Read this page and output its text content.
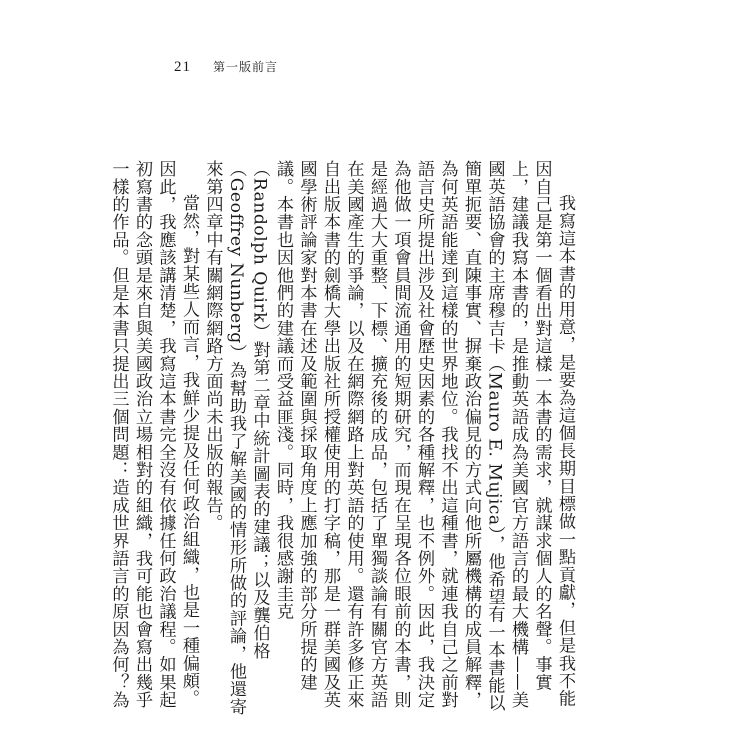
21 第一版前言

我寫這本書的用意，是要為這個長期目標做一點貢獻，但是我不能因自己是第一個看出對這樣一本書的需求，就謀求個人的名聲。事實上，建議我寫本書的，是推動英語成為美國官方語言的最大機構——美國英語協會的主席穆吉卡（Mauro E. Mujica），他希望有一本書能以簡單扼要、直陳事實、摒棄政治偏見的方式向他所屬機構的成員解釋，為何英語能達到這樣的世界地位。我找不出這種書，就連我自己之前對語言史所提出涉及社會歷史因素的各種解釋，也不例外。因此，我決定為他做一項會員間流通用的短期研究，而現在呈現各位眼前的本書，則是經過大大重整、下標、擴充後的成品，包括了單獨談論有關官方英語在美國產生的爭論，以及在網際網路上對英語的使用。還有許多修正來自出版本書的劍橋大學出版社所授權使用的打字稿，那是一群美國及英國學術評論家對本書在述及範圍與採取角度上應加強的部分所提的建議。本書也因他們的建議而受益匪淺。同時，我很感謝圭克（Randolph Quirk）對第二章中統計圖表的建議；以及龔伯格（Geoffrey Nunberg）為幫助我了解美國的情形所做的評論，他還寄來第四章中有關網際網路方面尚未出版的報告。

當然，對某些人而言，我鮮少提及任何政治組織，也是一種偏頗。因此，我應該講清楚，我寫這本書完全沒有依據任何政治議程。如果起初寫書的念頭是來自與美國政治立場相對的組織，我可能也會寫出幾乎一樣的作品。但是本書只提出三個問題：造成世界語言的原因為何？為
